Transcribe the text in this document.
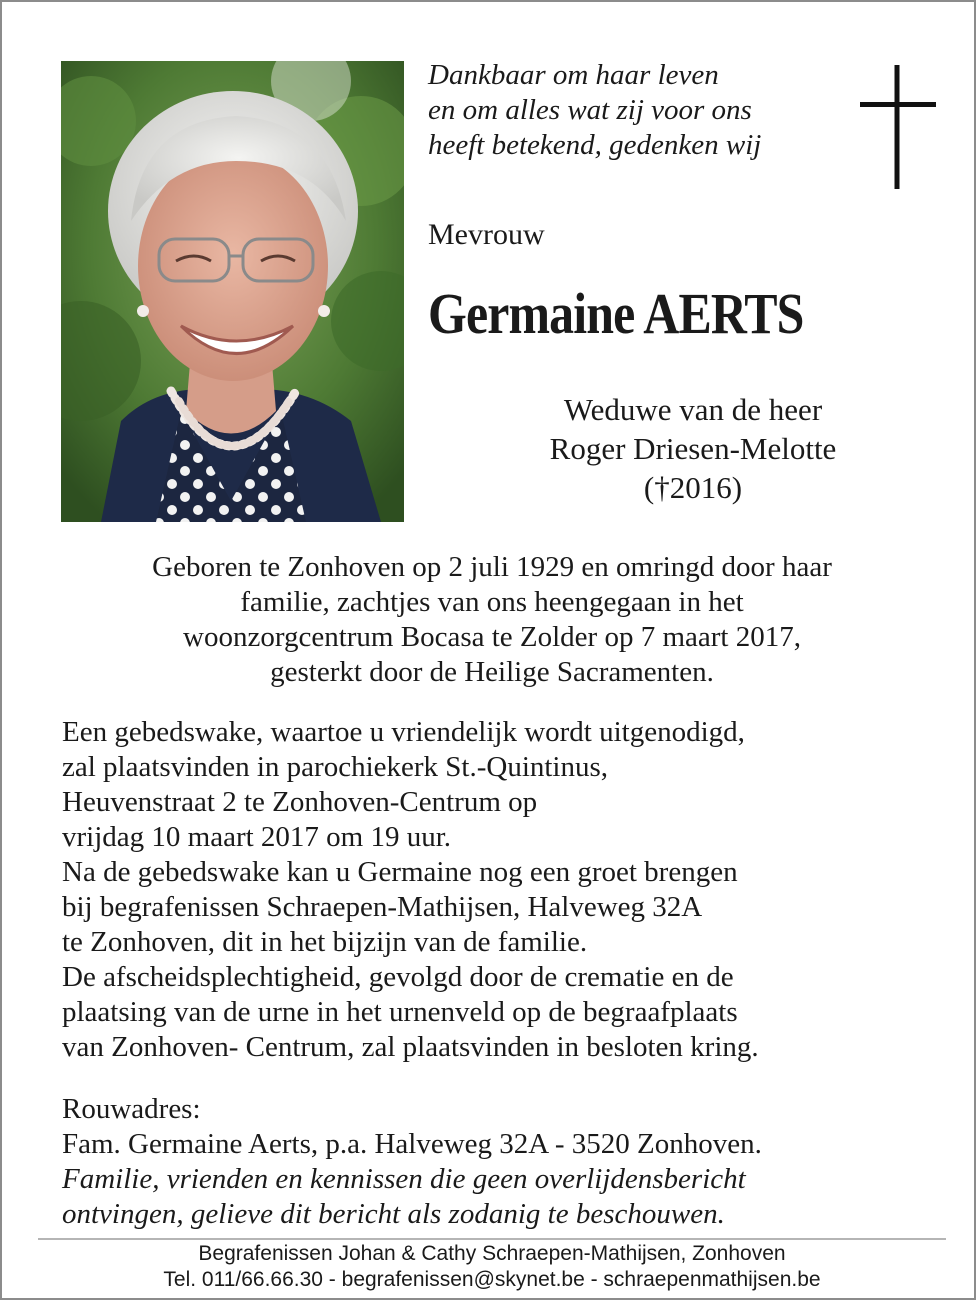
Dankbaar om haar leven
en om alles wat zij voor ons
heeft betekend, gedenken wij
Mevrouw
Germaine AERTS
Weduwe van de heer
Roger Driesen-Melotte
(†2016)
Geboren te Zonhoven op 2 juli 1929 en omringd door haar
familie, zachtjes van ons heengegaan in het
woonzorgcentrum Bocasa te Zolder op 7 maart 2017,
gesterkt door de Heilige Sacramenten.
Een gebedswake, waartoe u vriendelijk wordt uitgenodigd,
zal plaatsvinden in parochiekerk St.-Quintinus,
Heuvenstraat 2 te Zonhoven-Centrum op
vrijdag 10 maart 2017 om 19 uur.
Na de gebedswake kan u Germaine nog een groet brengen
bij begrafenissen Schraepen-Mathijsen, Halveweg 32A
te Zonhoven, dit in het bijzijn van de familie.
De afscheidsplechtigheid, gevolgd door de crematie en de
plaatsing van de urne in het urnenveld op de begraafplaats
van Zonhoven- Centrum, zal plaatsvinden in besloten kring.
Rouwadres:
Fam. Germaine Aerts, p.a. Halveweg 32A - 3520 Zonhoven.
Familie, vrienden en kennissen die geen overlijdensbericht
ontvingen, gelieve dit bericht als zodanig te beschouwen.
Begrafenissen Johan & Cathy Schraepen-Mathijsen, Zonhoven
Tel. 011/66.66.30 - begrafenissen@skynet.be - schraepenmathijsen.be
